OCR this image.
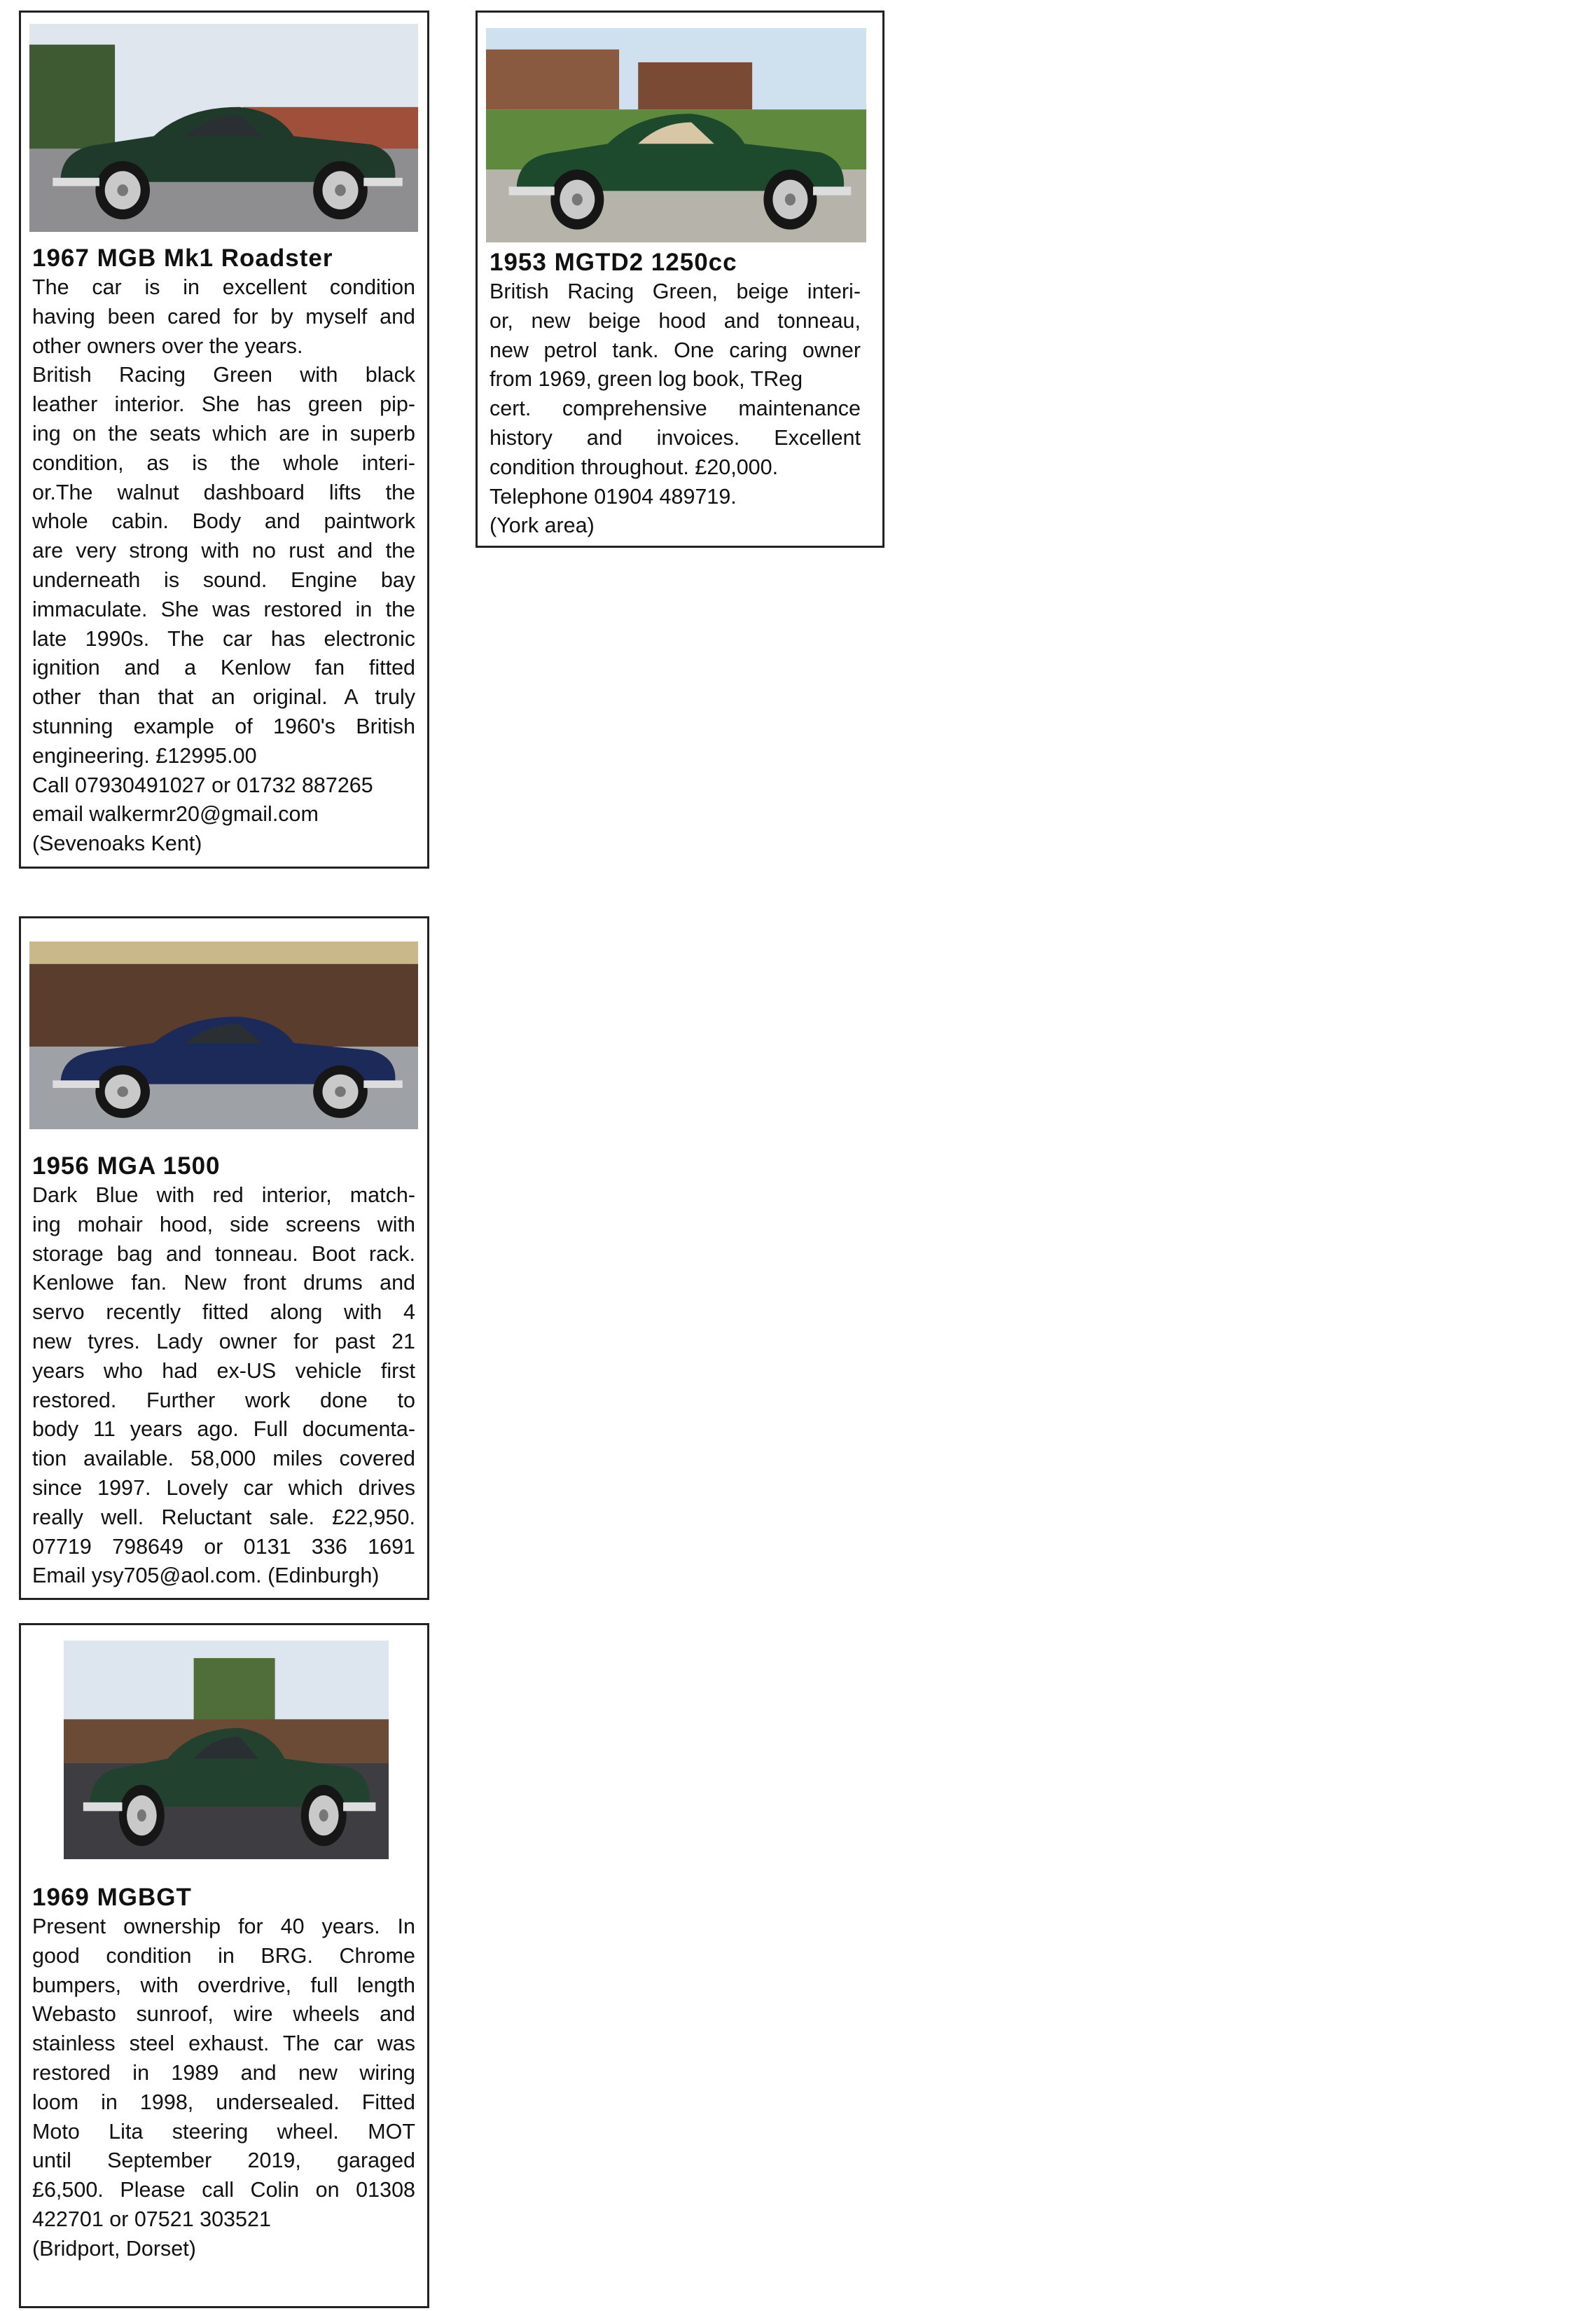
1967 MGB Mk1 Roadster
The car is in excellent condition
having been cared for by myself and
other owners over the years.
British Racing Green with black
leather interior. She has green pip-
ing on the seats which are in superb
condition, as is the whole interi-
or.The walnut dashboard lifts the
whole cabin. Body and paintwork
are very strong with no rust and the
underneath is sound. Engine bay
immaculate. She was restored in the
late 1990s. The car has electronic
ignition and a Kenlow fan fitted
other than that an original. A truly
stunning example of 1960's British
engineering. £12995.00
Call 07930491027 or 01732 887265
email walkermr20@gmail.com
(Sevenoaks Kent)
1953 MGTD2 1250cc
British Racing Green, beige interi-
or, new beige hood and tonneau,
new petrol tank. One caring owner
from 1969, green log book, TReg
cert. comprehensive maintenance
history and invoices. Excellent
condition throughout. £20,000.
Telephone 01904 489719.
(York area)
1956 MGA 1500
Dark Blue with red interior, match-
ing mohair hood, side screens with
storage bag and tonneau. Boot rack.
Kenlowe fan. New front drums and
servo recently fitted along with 4
new tyres. Lady owner for past 21
years who had ex-US vehicle first
restored. Further work done to
body 11 years ago. Full documenta-
tion available. 58,000 miles covered
since 1997. Lovely car which drives
really well. Reluctant sale. £22,950.
07719 798649 or 0131 336 1691
Email ysy705@aol.com. (Edinburgh)
1969 MGBGT
Present ownership for 40 years. In
good condition in BRG. Chrome
bumpers, with overdrive, full length
Webasto sunroof, wire wheels and
stainless steel exhaust. The car was
restored in 1989 and new wiring
loom in 1998, undersealed. Fitted
Moto Lita steering wheel. MOT
until September 2019, garaged
£6,500. Please call Colin on 01308
422701 or 07521 303521
(Bridport, Dorset)
